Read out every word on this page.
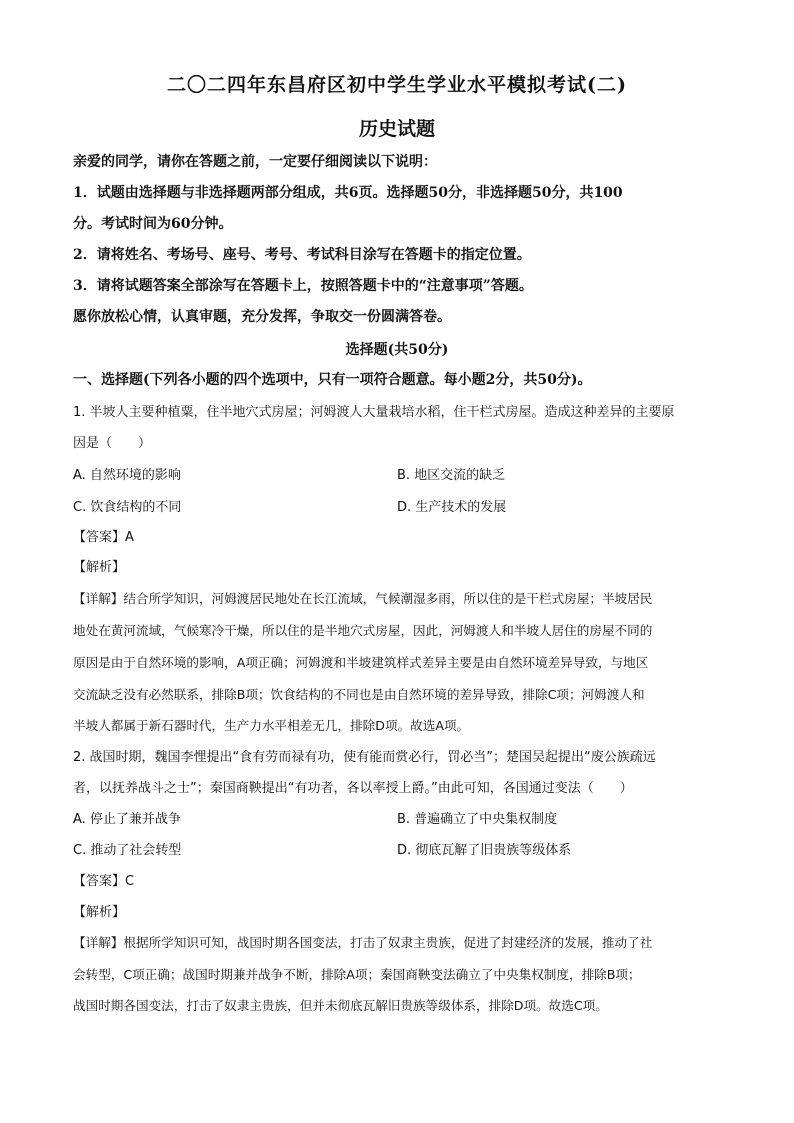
二〇二四年东昌府区初中学生学业水平模拟考试(二)
历史试题
亲爱的同学，请你在答题之前，一定要仔细阅读以下说明：
1．试题由选择题与非选择题两部分组成，共6页。选择题50分，非选择题50分，共100
分。考试时间为60分钟。
2．请将姓名、考场号、座号、考号、考试科目涂写在答题卡的指定位置。
3．请将试题答案全部涂写在答题卡上，按照答题卡中的“注意事项”答题。
愿你放松心情，认真审题，充分发挥，争取交一份圆满答卷。
选择题(共50分)
一、选择题(下列各小题的四个选项中，只有一项符合题意。每小题2分，共50分)。
1. 半坡人主要种植粟，住半地穴式房屋；河姆渡人大量栽培水稻，住干栏式房屋。造成这种差异的主要原
因是（　　）
A. 自然环境的影响	B. 地区交流的缺乏
C. 饮食结构的不同	D. 生产技术的发展
【答案】A
【解析】
【详解】结合所学知识，河姆渡居民地处在长江流域，气候潮湿多雨，所以住的是干栏式房屋；半坡居民
地处在黄河流域，气候寒冷干燥，所以住的是半地穴式房屋，因此，河姆渡人和半坡人居住的房屋不同的
原因是由于自然环境的影响，A项正确；河姆渡和半坡建筑样式差异主要是由自然环境差异导致，与地区
交流缺乏没有必然联系，排除B项；饮食结构的不同也是由自然环境的差异导致，排除C项；河姆渡人和
半坡人都属于新石器时代，生产力水平相差无几，排除D项。故选A项。
2. 战国时期，魏国李悝提出“食有劳而禄有功，使有能而赏必行，罚必当”；楚国吴起提出“废公族疏远
者，以抚养战斗之士”；秦国商鞅提出“有功者，各以率授上爵。”由此可知，各国通过变法（　　）
A. 停止了兼并战争	B. 普遍确立了中央集权制度
C. 推动了社会转型	D. 彻底瓦解了旧贵族等级体系
【答案】C
【解析】
【详解】根据所学知识可知，战国时期各国变法，打击了奴隶主贵族，促进了封建经济的发展，推动了社
会转型，C项正确；战国时期兼并战争不断，排除A项；秦国商鞅变法确立了中央集权制度，排除B项；
战国时期各国变法，打击了奴隶主贵族，但并未彻底瓦解旧贵族等级体系，排除D项。故选C项。
